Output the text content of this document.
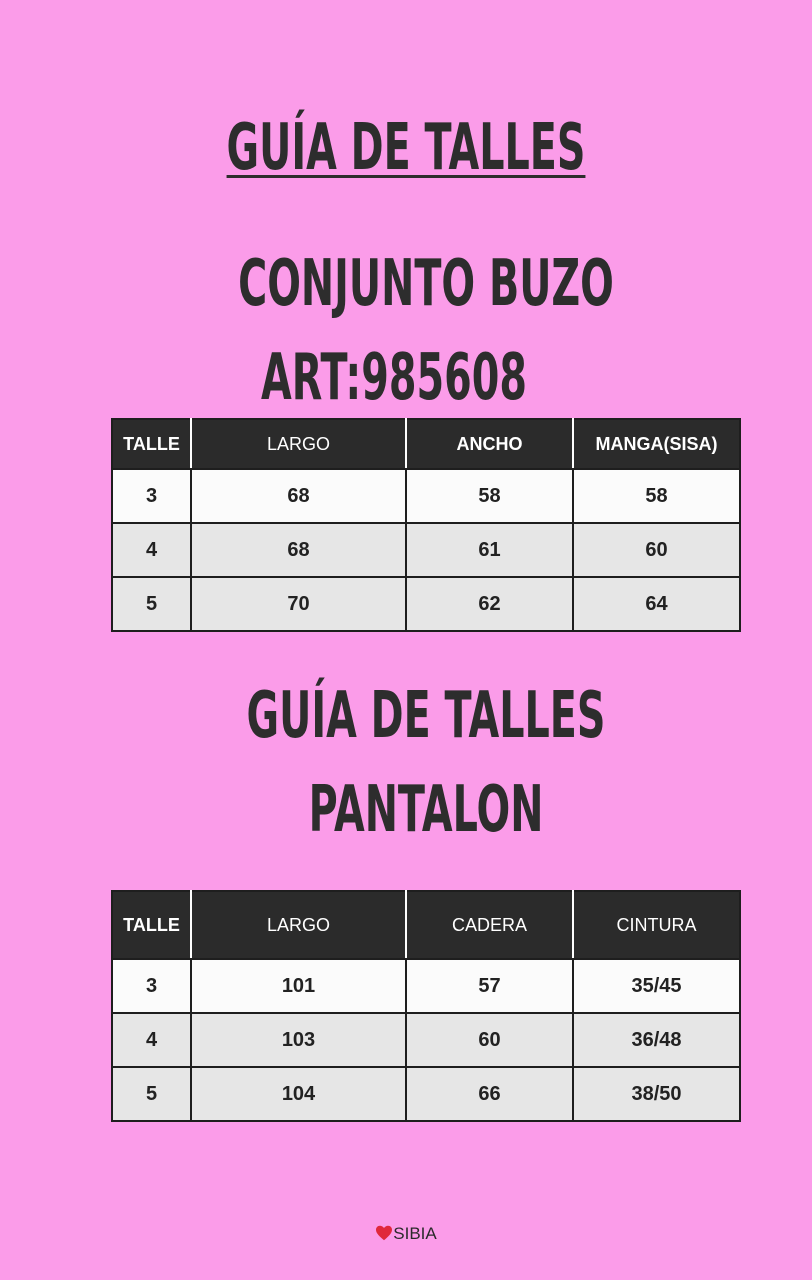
GUÍA DE TALLES
CONJUNTO BUZO
ART:985608
TALLE	LARGO	ANCHO	MANGA(SISA)
3	68	58	58
4	68	61	60
5	70	62	64
GUÍA DE TALLES
PANTALON
TALLE	LARGO	CADERA	CINTURA
3	101	57	35/45
4	103	60	36/48
5	104	66	38/50
SIBIA
